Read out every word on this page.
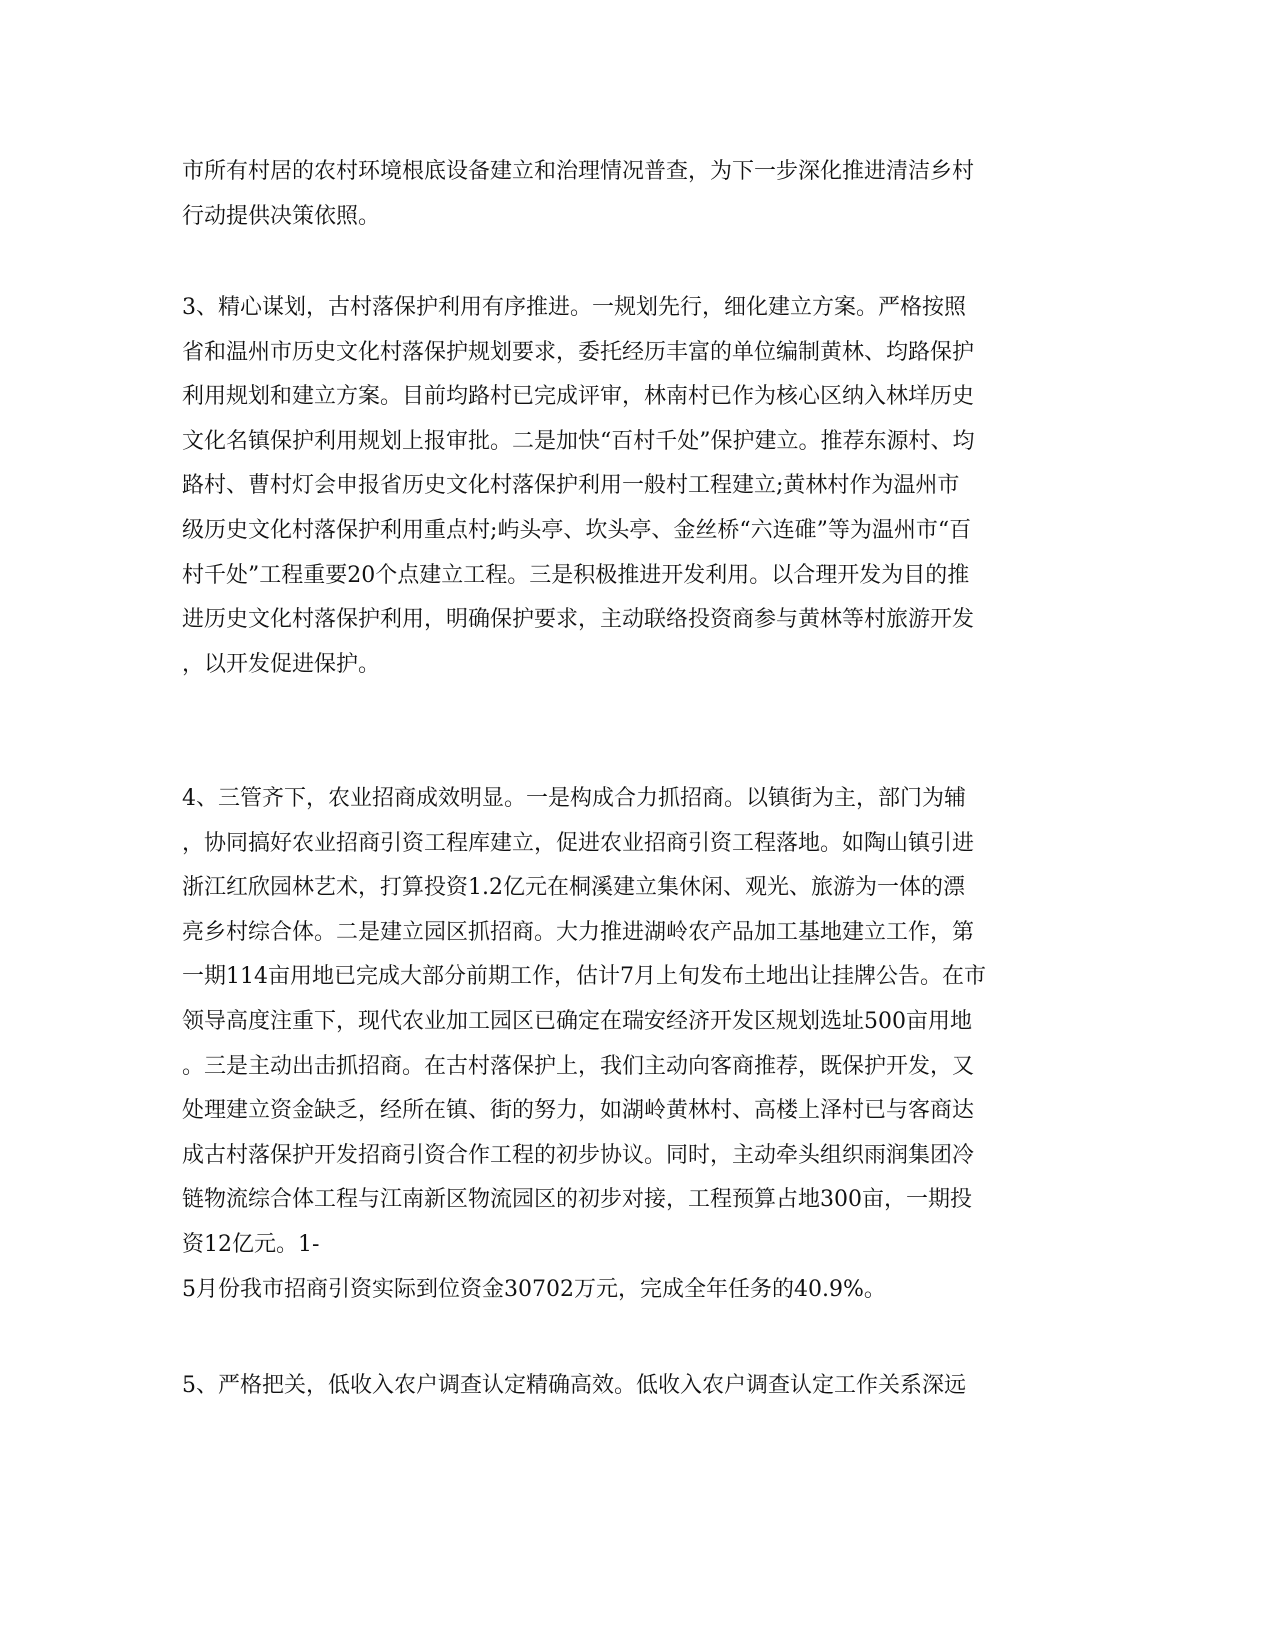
市所有村居的农村环境根底设备建立和治理情况普查，为下一步深化推进清洁乡村
行动提供决策依照。
3、精心谋划，古村落保护利用有序推进。一规划先行，细化建立方案。严格按照
省和温州市历史文化村落保护规划要求，委托经历丰富的单位编制黄林、均路保护
利用规划和建立方案。目前均路村已完成评审，林南村已作为核心区纳入林垟历史
文化名镇保护利用规划上报审批。二是加快“百村千处”保护建立。推荐东源村、均
路村、曹村灯会申报省历史文化村落保护利用一般村工程建立;黄林村作为温州市
级历史文化村落保护利用重点村;屿头亭、坎头亭、金丝桥“六连碓”等为温州市“百
村千处”工程重要20个点建立工程。三是积极推进开发利用。以合理开发为目的推
进历史文化村落保护利用，明确保护要求，主动联络投资商参与黄林等村旅游开发
，以开发促进保护。
4、三管齐下，农业招商成效明显。一是构成合力抓招商。以镇街为主，部门为辅
，协同搞好农业招商引资工程库建立，促进农业招商引资工程落地。如陶山镇引进
浙江红欣园林艺术，打算投资1.2亿元在桐溪建立集休闲、观光、旅游为一体的漂
亮乡村综合体。二是建立园区抓招商。大力推进湖岭农产品加工基地建立工作，第
一期114亩用地已完成大部分前期工作，估计7月上旬发布土地出让挂牌公告。在市
领导高度注重下，现代农业加工园区已确定在瑞安经济开发区规划选址500亩用地
。三是主动出击抓招商。在古村落保护上，我们主动向客商推荐，既保护开发，又
处理建立资金缺乏，经所在镇、街的努力，如湖岭黄林村、高楼上泽村已与客商达
成古村落保护开发招商引资合作工程的初步协议。同时，主动牵头组织雨润集团冷
链物流综合体工程与江南新区物流园区的初步对接，工程预算占地300亩，一期投
资12亿元。1-
5月份我市招商引资实际到位资金30702万元，完成全年任务的40.9%。
5、严格把关，低收入农户调查认定精确高效。低收入农户调查认定工作关系深远
